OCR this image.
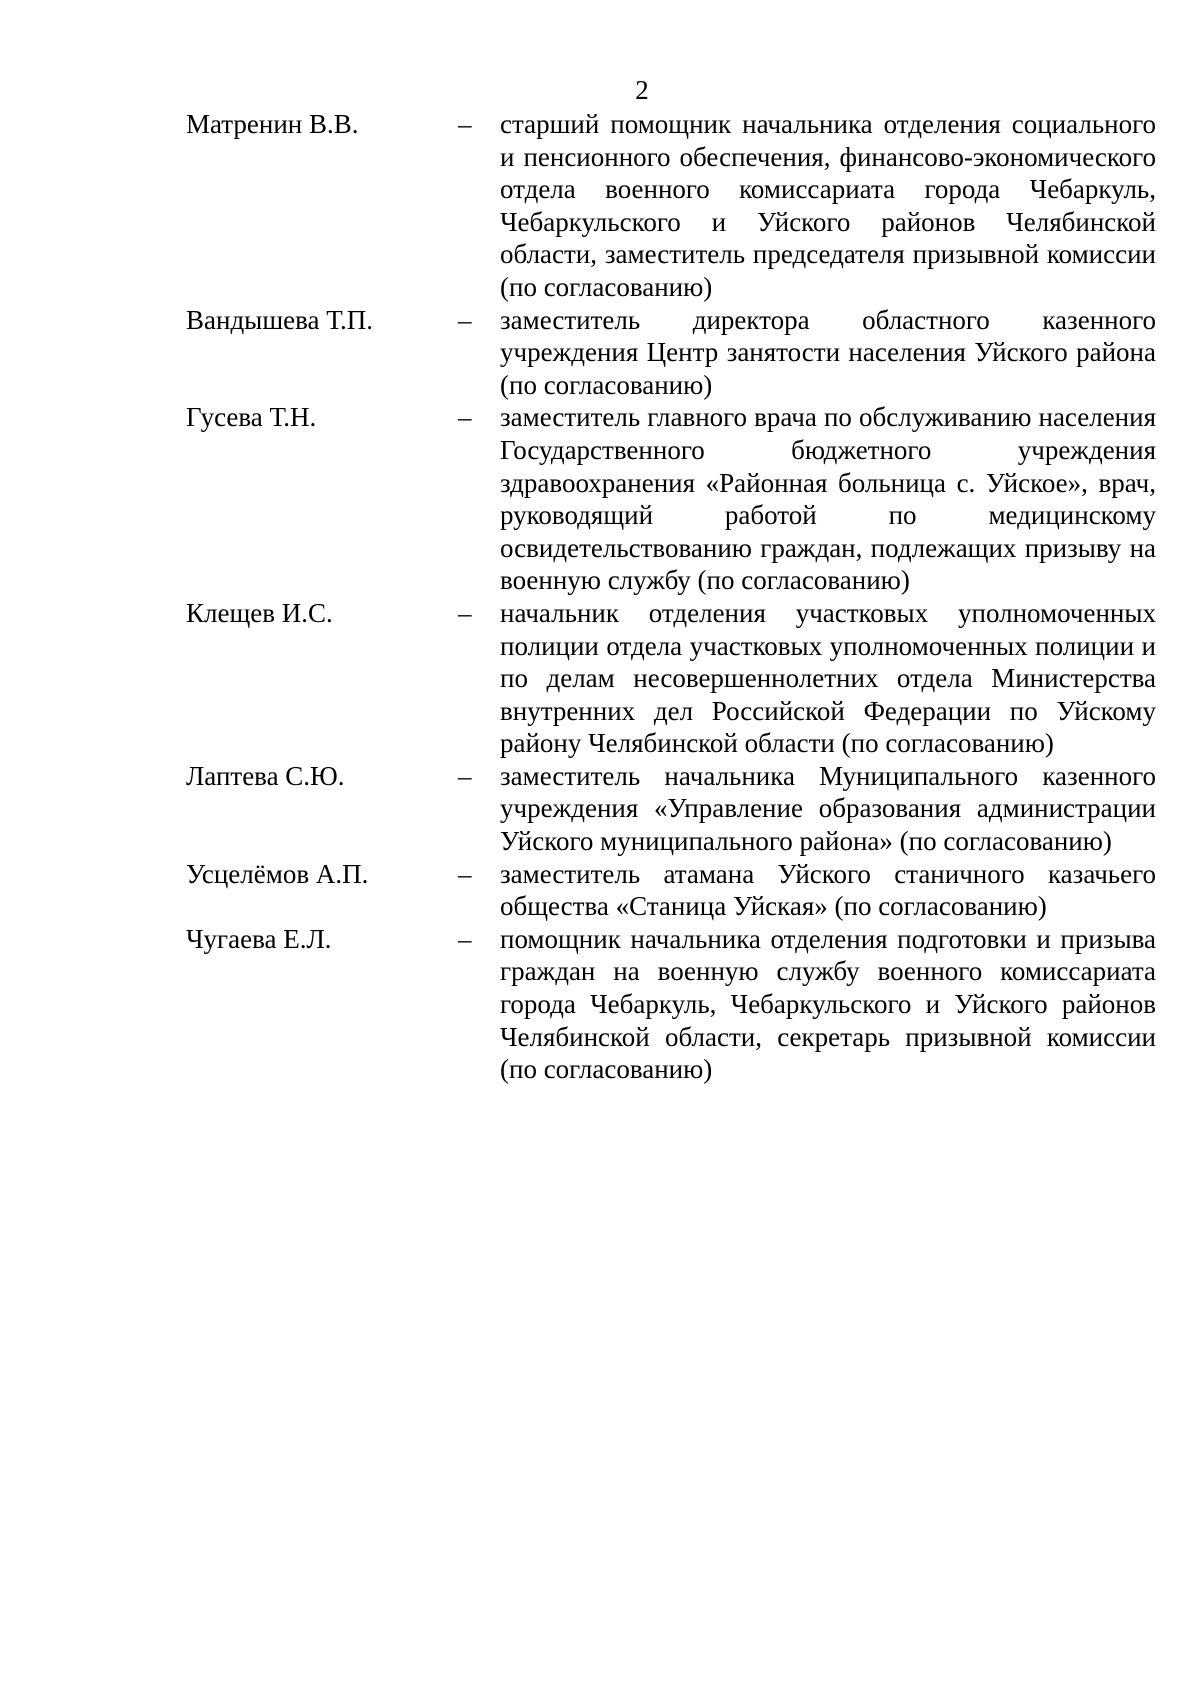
2
Матренин В.В.	–	старший помощник начальника отделения социального и пенсионного обеспечения, финансово-экономического отдела военного комиссариата города Чебаркуль, Чебаркульского и Уйского районов Челябинской области, заместитель председателя призывной комиссии (по согласованию)
Вандышева Т.П.	–	заместитель директора областного казенного учреждения Центр занятости населения Уйского района (по согласованию)
Гусева Т.Н.	–	заместитель главного врача по обслуживанию населения Государственного бюджетного учреждения здравоохранения «Районная больница с. Уйское», врач, руководящий работой по медицинскому освидетельствованию граждан, подлежащих призыву на военную службу (по согласованию)
Клещев И.С.	–	начальник отделения участковых уполномоченных полиции отдела участковых уполномоченных полиции и по делам несовершеннолетних отдела Министерства внутренних дел Российской Федерации по Уйскому району Челябинской области (по согласованию)
Лаптева С.Ю.	–	заместитель начальника Муниципального казенного учреждения «Управление образования администрации Уйского муниципального района» (по согласованию)
Усцелёмов А.П.	–	заместитель атамана Уйского станичного казачьего общества «Станица Уйская» (по согласованию)
Чугаева Е.Л.	–	помощник начальника отделения подготовки и призыва граждан на военную службу военного комиссариата города Чебаркуль, Чебаркульского и Уйского районов Челябинской области, секретарь призывной комиссии (по согласованию)
